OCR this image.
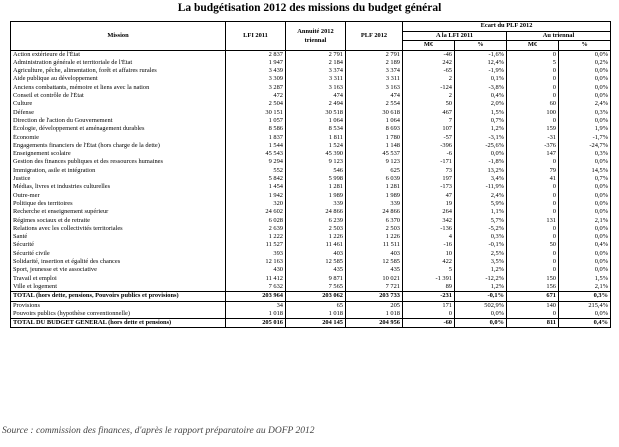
La budgétisation 2012 des missions du budget général
Mission	LFI 2011	Annuité 2012 triennal	PLF 2012	Ecart du PLF 2012			
				A la LFI 2011		Au triennal	
				M€	%	M€	%
Action extérieure de l'État	2 837	2 791	2 791	-46	-1,6%	0	0,0%
Administration générale et territoriale de l'État	1 947	2 184	2 189	242	12,4%	5	0,2%
Agriculture, pêche, alimentation, forêt et affaires rurales	3 439	3 374	3 374	-65	-1,9%	0	0,0%
Aide publique au développement	3 309	3 311	3 311	2	0,1%	0	0,0%
Anciens combattants, mémoire et liens avec la nation	3 287	3 163	3 163	-124	-3,8%	0	0,0%
Conseil et contrôle de l'État	472	474	474	2	0,4%	0	0,0%
Culture	2 504	2 494	2 554	50	2,0%	60	2,4%
Défense	30 151	30 518	30 618	467	1,5%	100	0,3%
Direction de l'action du Gouvernement	1 057	1 064	1 064	7	0,7%	0	0,0%
Écologie, développement et aménagement durables	8 586	8 534	8 693	107	1,2%	159	1,9%
Économie	1 837	1 811	1 780	-57	-3,1%	-31	-1,7%
Engagements financiers de l'État (hors charge de la dette)	1 544	1 524	1 148	-396	-25,6%	-376	-24,7%
Enseignement scolaire	45 543	45 390	45 537	-6	0,0%	147	0,3%
Gestion des finances publiques et des ressources humaines	9 294	9 123	9 123	-171	-1,8%	0	0,0%
Immigration, asile et intégration	552	546	625	73	13,2%	79	14,5%
Justice	5 842	5 998	6 039	197	3,4%	41	0,7%
Médias, livres et industries culturelles	1 454	1 281	1 281	-173	-11,9%	0	0,0%
Outre-mer	1 942	1 989	1 989	47	2,4%	0	0,0%
Politique des territoires	320	339	339	19	5,9%	0	0,0%
Recherche et enseignement supérieur	24 602	24 866	24 866	264	1,1%	0	0,0%
Régimes sociaux et de retraite	6 028	6 239	6 370	342	5,7%	131	2,1%
Relations avec les collectivités territoriales	2 639	2 503	2 503	-136	-5,2%	0	0,0%
Santé	1 222	1 226	1 226	4	0,3%	0	0,0%
Sécurité	11 527	11 461	11 511	-16	-0,1%	50	0,4%
Sécurité civile	393	403	403	10	2,5%	0	0,0%
Solidarité, insertion et égalité des chances	12 163	12 585	12 585	422	3,5%	0	0,0%
Sport, jeunesse et vie associative	430	435	435	5	1,2%	0	0,0%
Travail et emploi	11 412	9 871	10 021	-1 391	-12,2%	150	1,5%
Ville et logement	7 632	7 565	7 721	89	1,2%	156	2,1%
TOTAL (hors dette, pensions, Pouvoirs publics et provisions)	203 964	203 062	203 733	-231	-0,1%	671	0,3%
Provisions	34	65	205	171	502,9%	140	215,4%
Pouvoirs publics (hypothèse conventionnelle)	1 018	1 018	1 018	0	0,0%	0	0,0%
TOTAL DU BUDGET GENERAL (hors dette et pensions)	205 016	204 145	204 956	-60	0,0%	811	0,4%
Source : commission des finances, d'après le rapport préparatoire au DOFP 2012
